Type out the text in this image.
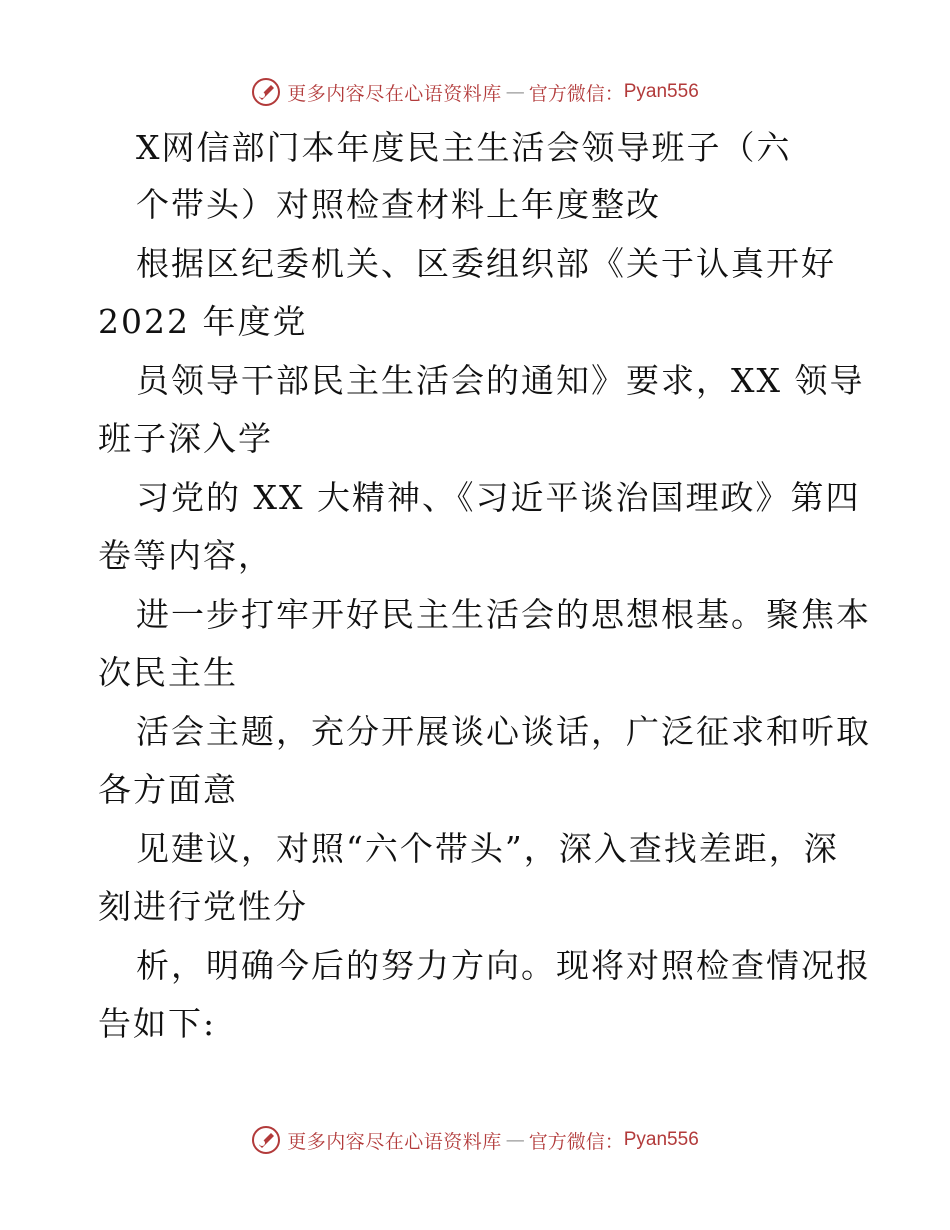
更多内容尽在心语资料库 — 官方微信： Pyan556
X网信部门本年度民主生活会领导班子（六
个带头）对照检查材料上年度整改
根据区纪委机关、区委组织部《关于认真开好
2022 年度党
员领导干部民主生活会的通知》要求，XX 领导
班子深入学
习党的 XX 大精神、《习近平谈治国理政》第四
卷等内容，
进一步打牢开好民主生活会的思想根基。聚焦本
次民主生
活会主题，充分开展谈心谈话，广泛征求和听取
各方面意
见建议，对照“六个带头”，深入查找差距，深
刻进行党性分
析，明确今后的努力方向。现将对照检查情况报
告如下:
更多内容尽在心语资料库 — 官方微信： Pyan556
